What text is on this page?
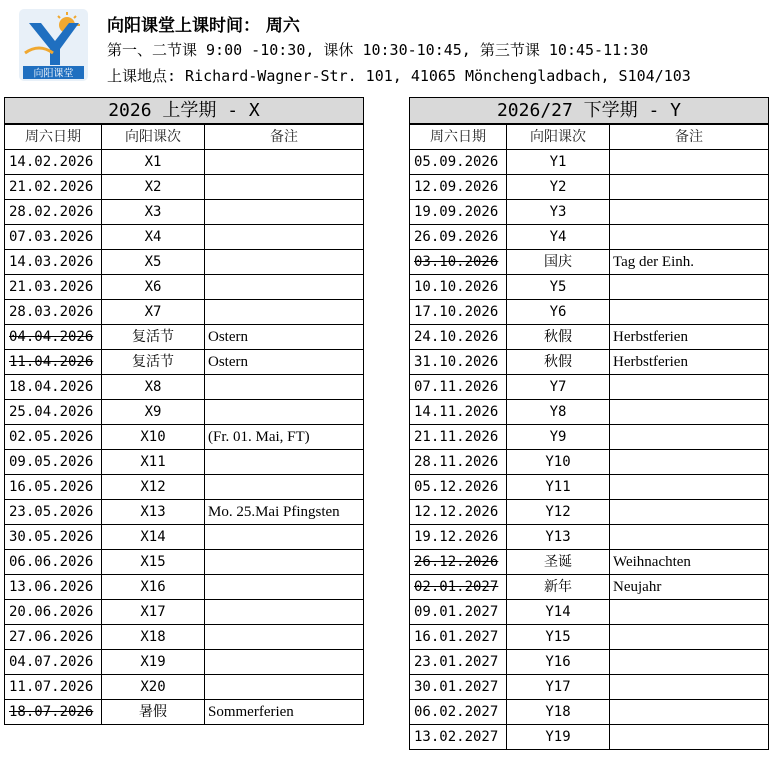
向阳课堂
向阳课堂上课时间： 周六
第一、二节课 9:00 -10:30, 课休 10:30-10:45, 第三节课 10:45-11:30
上课地点: Richard-Wagner-Str. 101, 41065 Mönchengladbach, S104/103
2026 上学期 - X		
周六日期	向阳课次	备注
14.02.2026	X1	
21.02.2026	X2	
28.02.2026	X3	
07.03.2026	X4	
14.03.2026	X5	
21.03.2026	X6	
28.03.2026	X7	
04.04.2026	复活节	Ostern
11.04.2026	复活节	Ostern
18.04.2026	X8	
25.04.2026	X9	
02.05.2026	X10	(Fr. 01. Mai, FT)
09.05.2026	X11	
16.05.2026	X12	
23.05.2026	X13	Mo. 25.Mai Pfingsten
30.05.2026	X14	
06.06.2026	X15	
13.06.2026	X16	
20.06.2026	X17	
27.06.2026	X18	
04.07.2026	X19	
11.07.2026	X20	
18.07.2026	暑假	Sommerferien
2026/27 下学期 - Y		
周六日期	向阳课次	备注
05.09.2026	Y1	
12.09.2026	Y2	
19.09.2026	Y3	
26.09.2026	Y4	
03.10.2026	国庆	Tag der Einh.
10.10.2026	Y5	
17.10.2026	Y6	
24.10.2026	秋假	Herbstferien
31.10.2026	秋假	Herbstferien
07.11.2026	Y7	
14.11.2026	Y8	
21.11.2026	Y9	
28.11.2026	Y10	
05.12.2026	Y11	
12.12.2026	Y12	
19.12.2026	Y13	
26.12.2026	圣诞	Weihnachten
02.01.2027	新年	Neujahr
09.01.2027	Y14	
16.01.2027	Y15	
23.01.2027	Y16	
30.01.2027	Y17	
06.02.2027	Y18	
13.02.2027	Y19	
